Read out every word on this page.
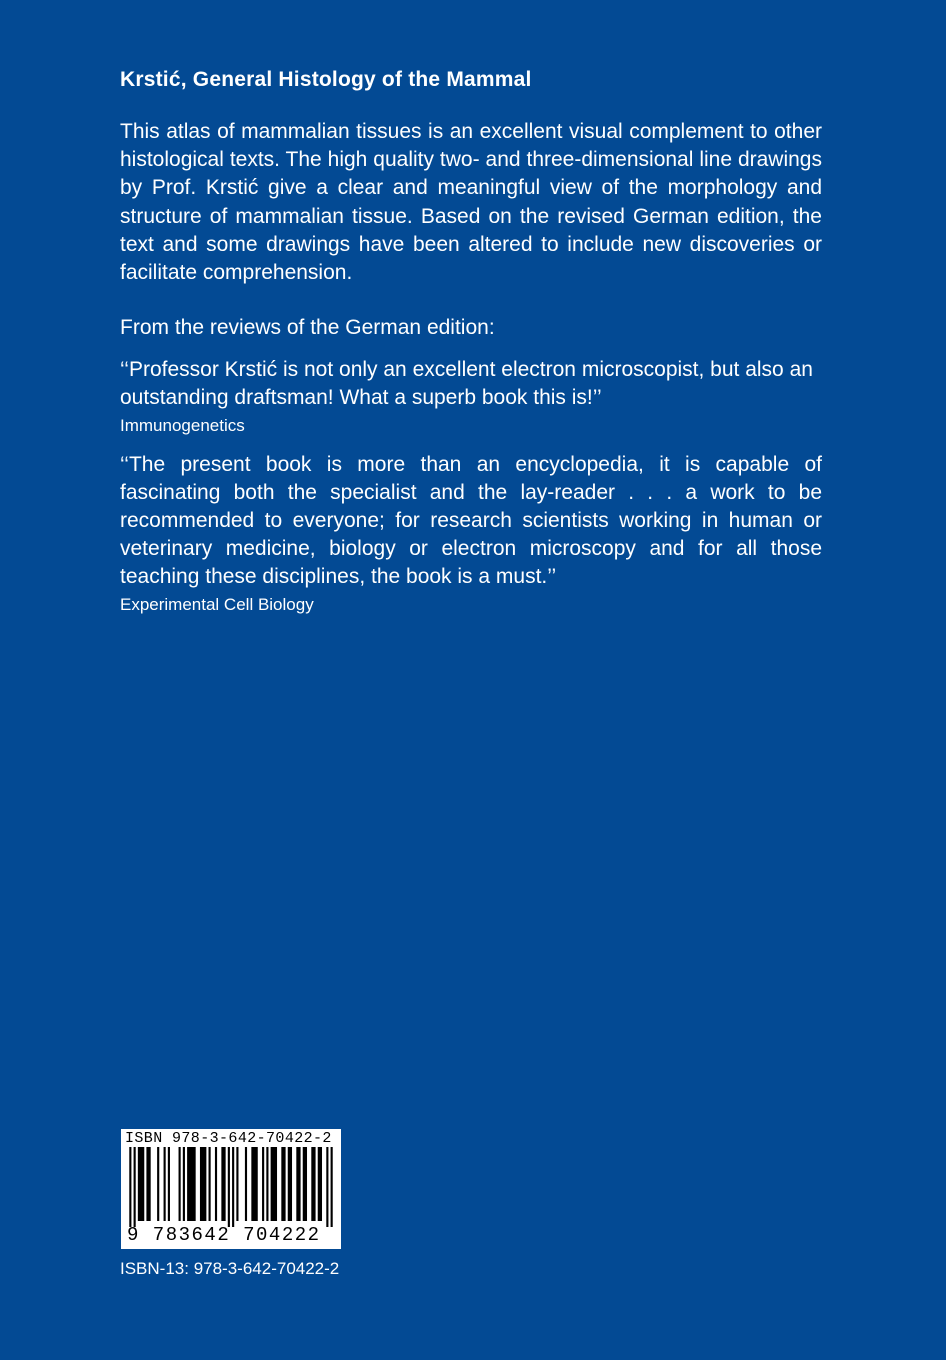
Krstić, General Histology of the Mammal

This atlas of mammalian tissues is an excellent visual complement to other histological texts. The high quality two- and three-dimensional line drawings by Prof. Krstić give a clear and meaningful view of the morphology and structure of mammalian tissue. Based on the revised German edition, the text and some drawings have been altered to include new discoveries or facilitate comprehension.

From the reviews of the German edition:

‘‘Professor Krstić is not only an excellent electron microscopist, but also an outstanding draftsman! What a superb book this is!’’

Immunogenetics

‘‘The present book is more than an encyclopedia, it is capable of fascinating both the specialist and the lay-reader . . . a work to be recommended to everyone; for research scientists working in human or veterinary medicine, biology or electron microscopy and for all those teaching these disciplines, the book is a must.’’

Experimental Cell Biology

ISBN 978-3-642-70422-2
9 783642 704222
ISBN-13: 978-3-642-70422-2
